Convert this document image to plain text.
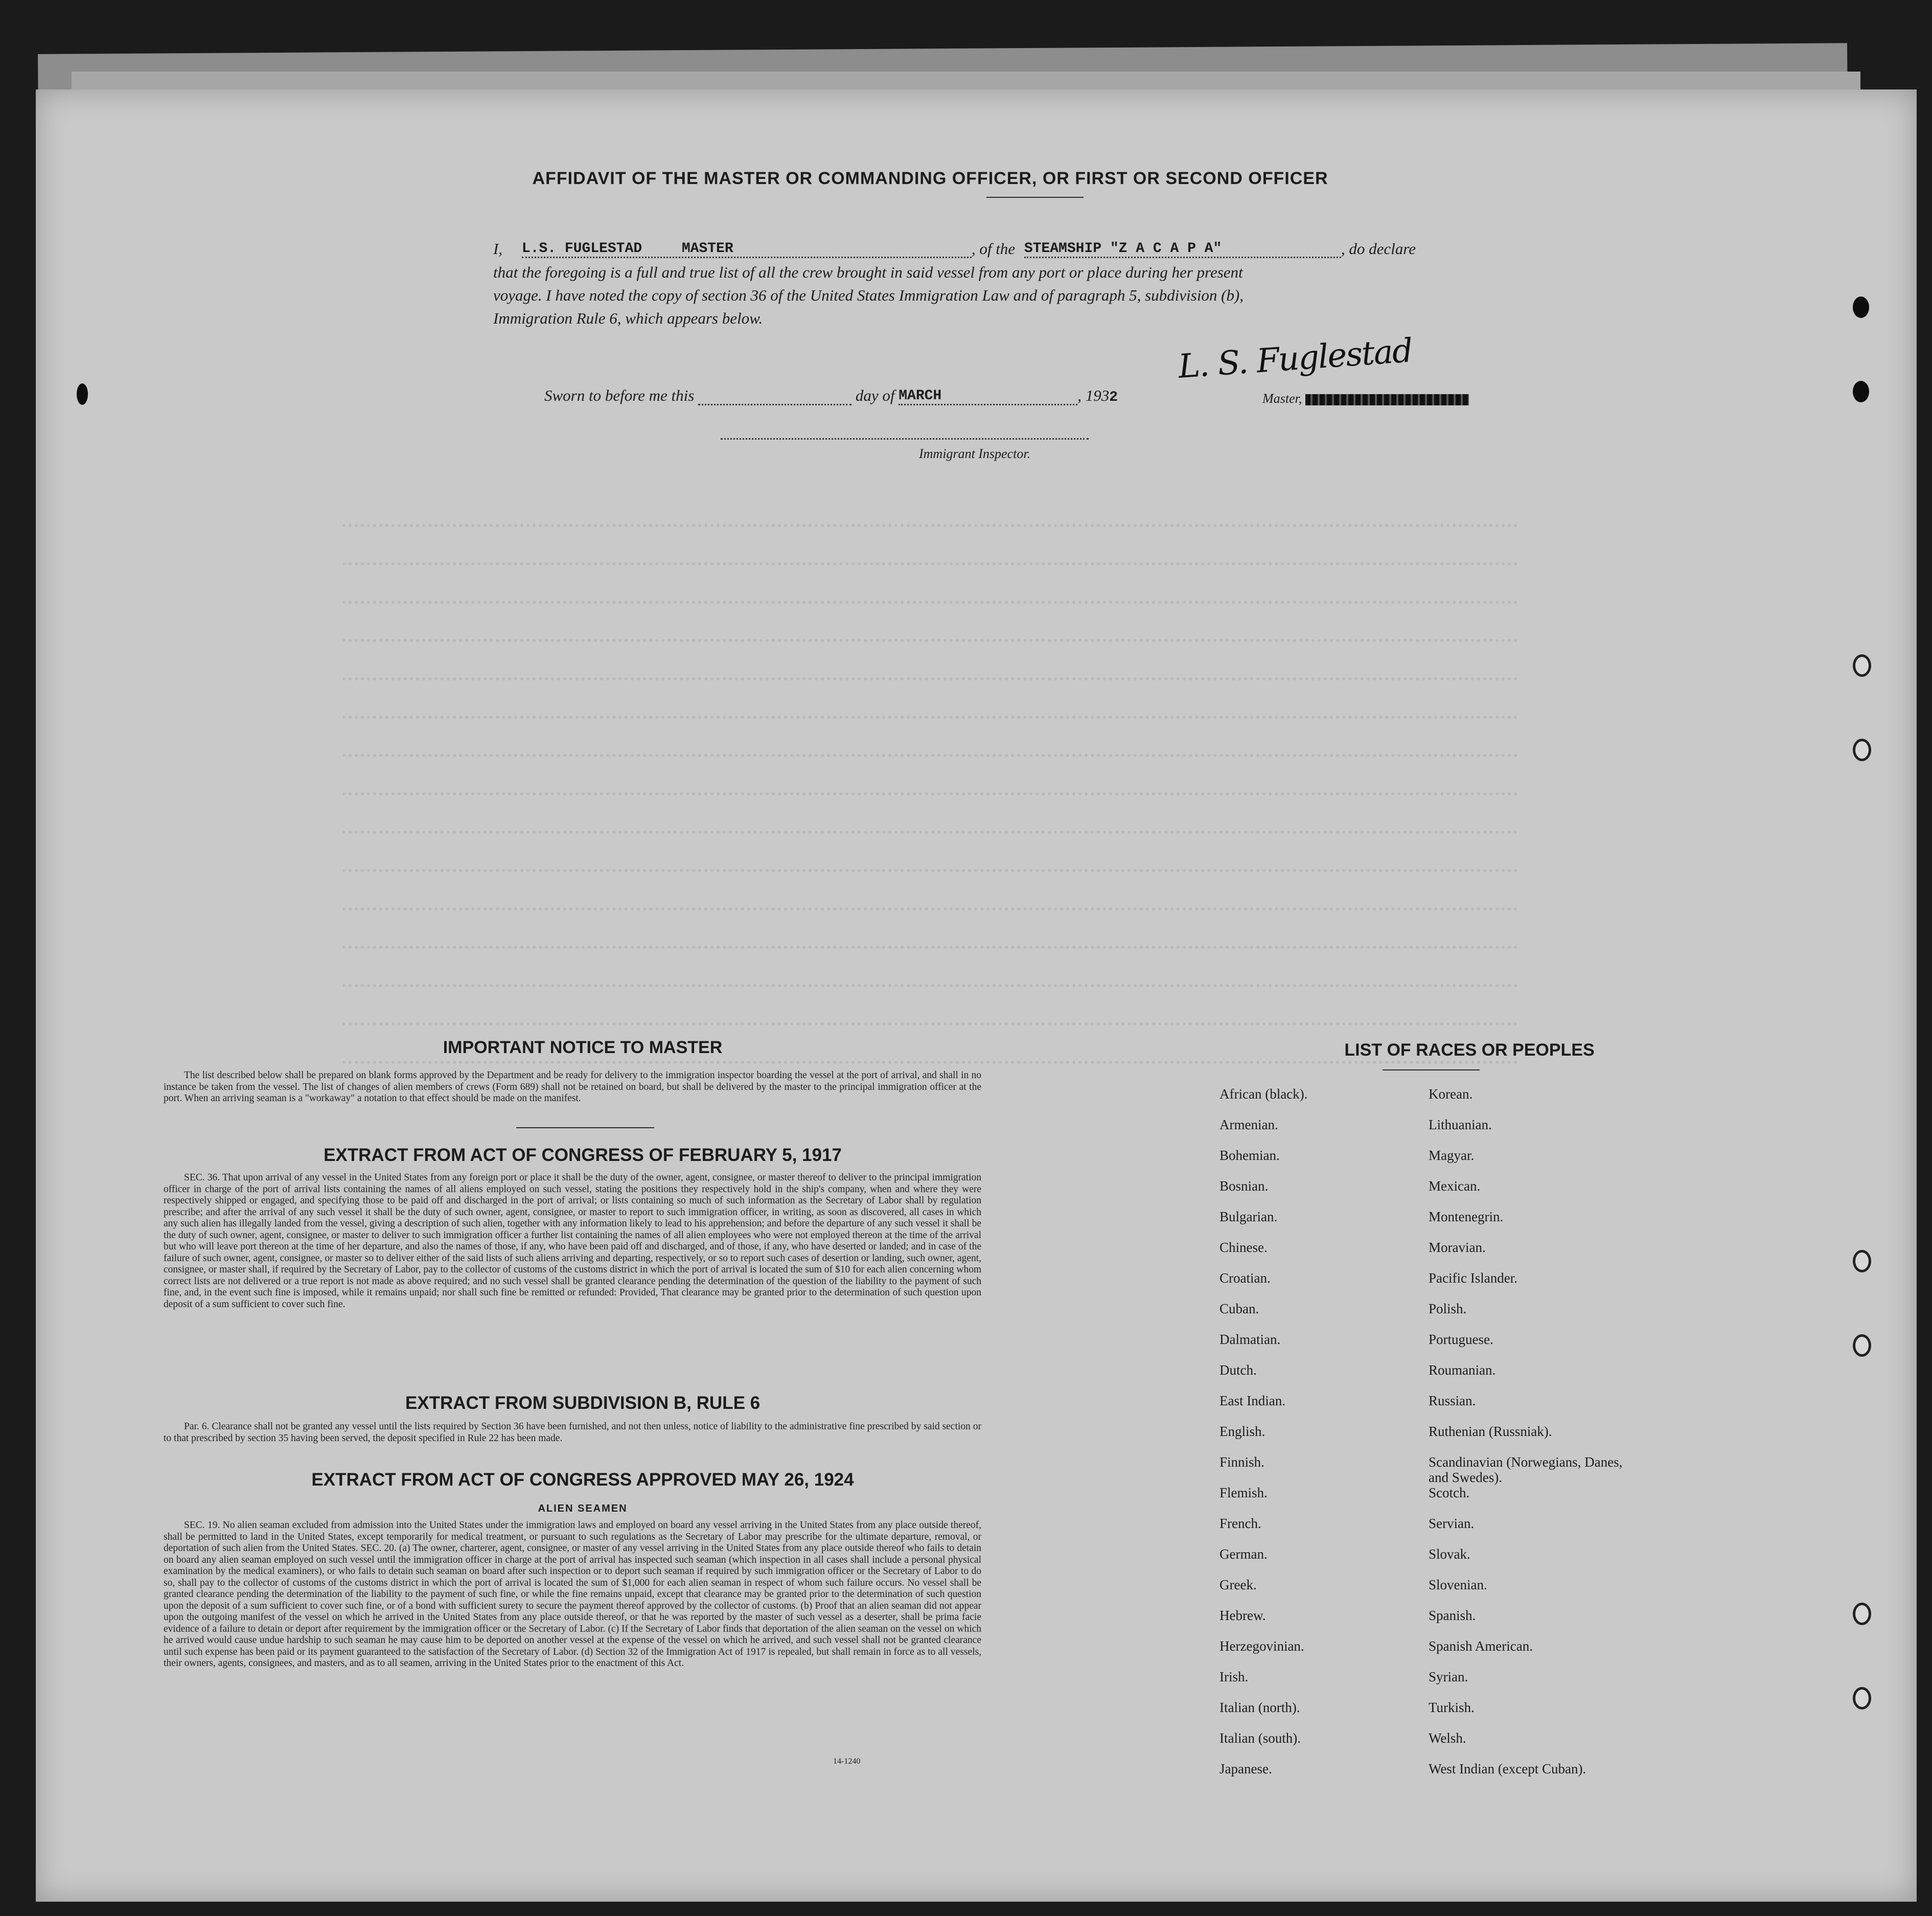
AFFIDAVIT OF THE MASTER OR COMMANDING OFFICER, OR FIRST OR SECOND OFFICER
I, L.S. FUGLESTAD	MASTER	, of the STEAMSHIP "Z A C A P A"	, do declare
that the foregoing is a full and true list of all the crew brought in said vessel from any port or place during her present
voyage. I have noted the copy of section 36 of the United States Immigration Law and of paragraph 5, subdivision (b),
Immigration Rule 6, which appears below.
L. S. Fuglestad
Master,
Sworn to before me this	day of MARCH	, 1932
Immigrant Inspector.
IMPORTANT NOTICE TO MASTER
The list described below shall be prepared on blank forms approved by the Department and be ready for delivery to the immigration inspector boarding the vessel at the port of arrival, and shall in no instance be taken from the vessel. The list of changes of alien members of crews (Form 689) shall not be retained on board, but shall be delivered by the master to the principal immigration officer at the port. When an arriving seaman is a "workaway" a notation to that effect should be made on the manifest.
EXTRACT FROM ACT OF CONGRESS OF FEBRUARY 5, 1917
SEC. 36. That upon arrival of any vessel in the United States from any foreign port or place it shall be the duty of the owner, agent, consignee, or master thereof to deliver to the principal immigration officer in charge of the port of arrival lists containing the names of all aliens employed on such vessel, stating the positions they respectively hold in the ship's company, when and where they were respectively shipped or engaged, and specifying those to be paid off and discharged in the port of arrival; or lists containing so much of such information as the Secretary of Labor shall by regulation prescribe; and after the arrival of any such vessel it shall be the duty of such owner, agent, consignee, or master to report to such immigration officer, in writing, as soon as discovered, all cases in which any such alien has illegally landed from the vessel, giving a description of such alien, together with any information likely to lead to his apprehension; and before the departure of any such vessel it shall be the duty of such owner, agent, consignee, or master to deliver to such immigration officer a further list containing the names of all alien employees who were not employed thereon at the time of the arrival but who will leave port thereon at the time of her departure, and also the names of those, if any, who have been paid off and discharged, and of those, if any, who have deserted or landed; and in case of the failure of such owner, agent, consignee, or master so to deliver either of the said lists of such aliens arriving and departing, respectively, or so to report such cases of desertion or landing, such owner, agent, consignee, or master shall, if required by the Secretary of Labor, pay to the collector of customs of the customs district in which the port of arrival is located the sum of $10 for each alien concerning whom correct lists are not delivered or a true report is not made as above required; and no such vessel shall be granted clearance pending the determination of the question of the liability to the payment of such fine, and, in the event such fine is imposed, while it remains unpaid; nor shall such fine be remitted or refunded: Provided, That clearance may be granted prior to the determination of such question upon deposit of a sum sufficient to cover such fine.
EXTRACT FROM SUBDIVISION B, RULE 6
Par. 6. Clearance shall not be granted any vessel until the lists required by Section 36 have been furnished, and not then unless, notice of liability to the administrative fine prescribed by said section or to that prescribed by section 35 having been served, the deposit specified in Rule 22 has been made.
EXTRACT FROM ACT OF CONGRESS APPROVED MAY 26, 1924
ALIEN SEAMEN
SEC. 19. No alien seaman excluded from admission into the United States under the immigration laws and employed on board any vessel arriving in the United States from any place outside thereof, shall be permitted to land in the United States, except temporarily for medical treatment, or pursuant to such regulations as the Secretary of Labor may prescribe for the ultimate departure, removal, or deportation of such alien from the United States. SEC. 20. (a) The owner, charterer, agent, consignee, or master of any vessel arriving in the United States from any place outside thereof who fails to detain on board any alien seaman employed on such vessel until the immigration officer in charge at the port of arrival has inspected such seaman (which inspection in all cases shall include a personal physical examination by the medical examiners), or who fails to detain such seaman on board after such inspection or to deport such seaman if required by such immigration officer or the Secretary of Labor to do so, shall pay to the collector of customs of the customs district in which the port of arrival is located the sum of $1,000 for each alien seaman in respect of whom such failure occurs. No vessel shall be granted clearance pending the determination of the liability to the payment of such fine, or while the fine remains unpaid, except that clearance may be granted prior to the determination of such question upon the deposit of a sum sufficient to cover such fine, or of a bond with sufficient surety to secure the payment thereof approved by the collector of customs. (b) Proof that an alien seaman did not appear upon the outgoing manifest of the vessel on which he arrived in the United States from any place outside thereof, or that he was reported by the master of such vessel as a deserter, shall be prima facie evidence of a failure to detain or deport after requirement by the immigration officer or the Secretary of Labor. (c) If the Secretary of Labor finds that deportation of the alien seaman on the vessel on which he arrived would cause undue hardship to such seaman he may cause him to be deported on another vessel at the expense of the vessel on which he arrived, and such vessel shall not be granted clearance until such expense has been paid or its payment guaranteed to the satisfaction of the Secretary of Labor. (d) Section 32 of the Immigration Act of 1917 is repealed, but shall remain in force as to all vessels, their owners, agents, consignees, and masters, and as to all seamen, arriving in the United States prior to the enactment of this Act.
14-1240
LIST OF RACES OR PEOPLES
African (black).
Armenian.
Bohemian.
Bosnian.
Bulgarian.
Chinese.
Croatian.
Cuban.
Dalmatian.
Dutch.
East Indian.
English.
Finnish.
Flemish.
French.
German.
Greek.
Hebrew.
Herzegovinian.
Irish.
Italian (north).
Italian (south).
Japanese.
Korean.
Lithuanian.
Magyar.
Mexican.
Montenegrin.
Moravian.
Pacific Islander.
Polish.
Portuguese.
Roumanian.
Russian.
Ruthenian (Russniak).
Scandinavian (Norwegians, Danes, and Swedes).
Scotch.
Servian.
Slovak.
Slovenian.
Spanish.
Spanish American.
Syrian.
Turkish.
Welsh.
West Indian (except Cuban).
